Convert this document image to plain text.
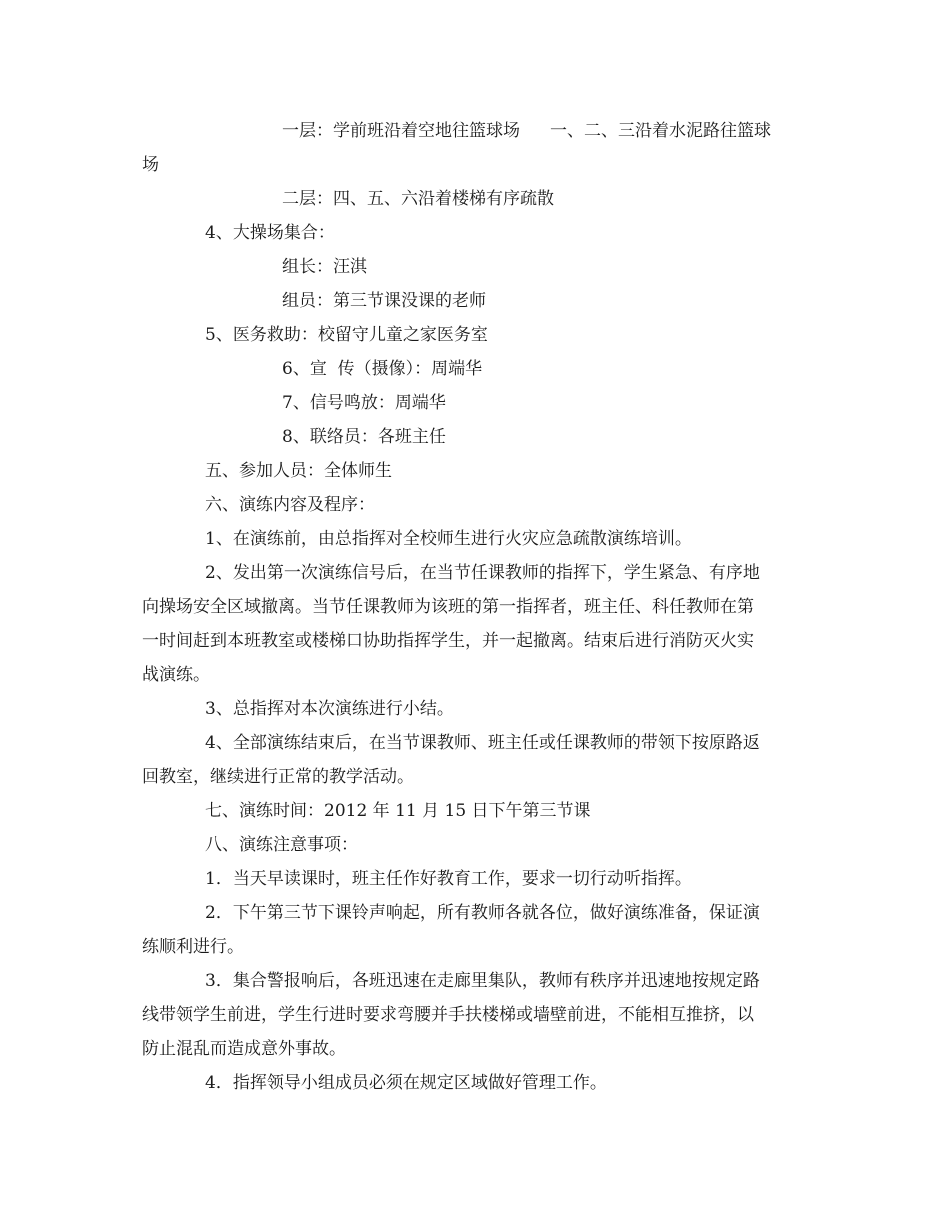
一层：学前班沿着空地往篮球场 一、二、三沿着水泥路往篮球
场
二层：四、五、六沿着楼梯有序疏散
4、大操场集合：
组长：汪淇
组员：第三节课没课的老师
5、医务救助：校留守儿童之家医务室
6、宣  传（摄像）：周端华
7、信号鸣放：周端华
8、联络员：各班主任
五、参加人员：全体师生
六、演练内容及程序：
1、在演练前，由总指挥对全校师生进行火灾应急疏散演练培训。
2、发出第一次演练信号后，在当节任课教师的指挥下，学生紧急、有序地
向操场安全区域撤离。当节任课教师为该班的第一指挥者，班主任、科任教师在第
一时间赶到本班教室或楼梯口协助指挥学生，并一起撤离。结束后进行消防灭火实
战演练。
3、总指挥对本次演练进行小结。
4、全部演练结束后，在当节课教师、班主任或任课教师的带领下按原路返
回教室，继续进行正常的教学活动。
七、演练时间：2012 年 11 月 15 日下午第三节课
八、演练注意事项：
1．当天早读课时，班主任作好教育工作，要求一切行动听指挥。
2．下午第三节下课铃声响起，所有教师各就各位，做好演练准备，保证演
练顺利进行。
3．集合警报响后，各班迅速在走廊里集队，教师有秩序并迅速地按规定路
线带领学生前进，学生行进时要求弯腰并手扶楼梯或墙壁前进，不能相互推挤，以
防止混乱而造成意外事故。
4．指挥领导小组成员必须在规定区域做好管理工作。
